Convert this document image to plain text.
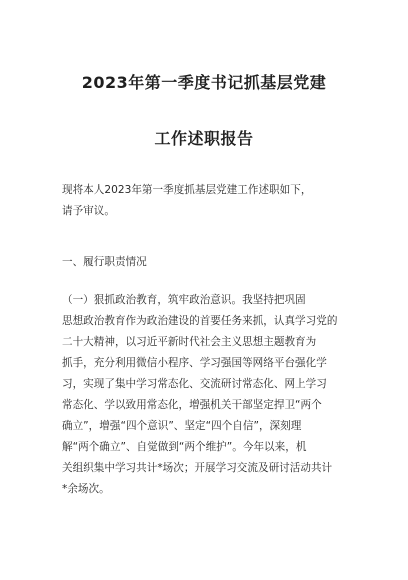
2023年第一季度书记抓基层党建
工作述职报告
现将本人2023年第一季度抓基层党建工作述职如下，
请予审议。
一、履行职责情况
（一）狠抓政治教育，筑牢政治意识。我坚持把巩固
思想政治教育作为政治建设的首要任务来抓，认真学习党的
二十大精神，以习近平新时代社会主义思想主题教育为
抓手，充分利用微信小程序、学习强国等网络平台强化学
习，实现了集中学习常态化、交流研讨常态化、网上学习
常态化、学以致用常态化，增强机关干部坚定捍卫“两个
确立”，增强“四个意识”、坚定“四个自信”，深刻理
解“两个确立”、自觉做到“两个维护”。今年以来，机
关组织集中学习共计*场次；开展学习交流及研讨活动共计
*余场次。
